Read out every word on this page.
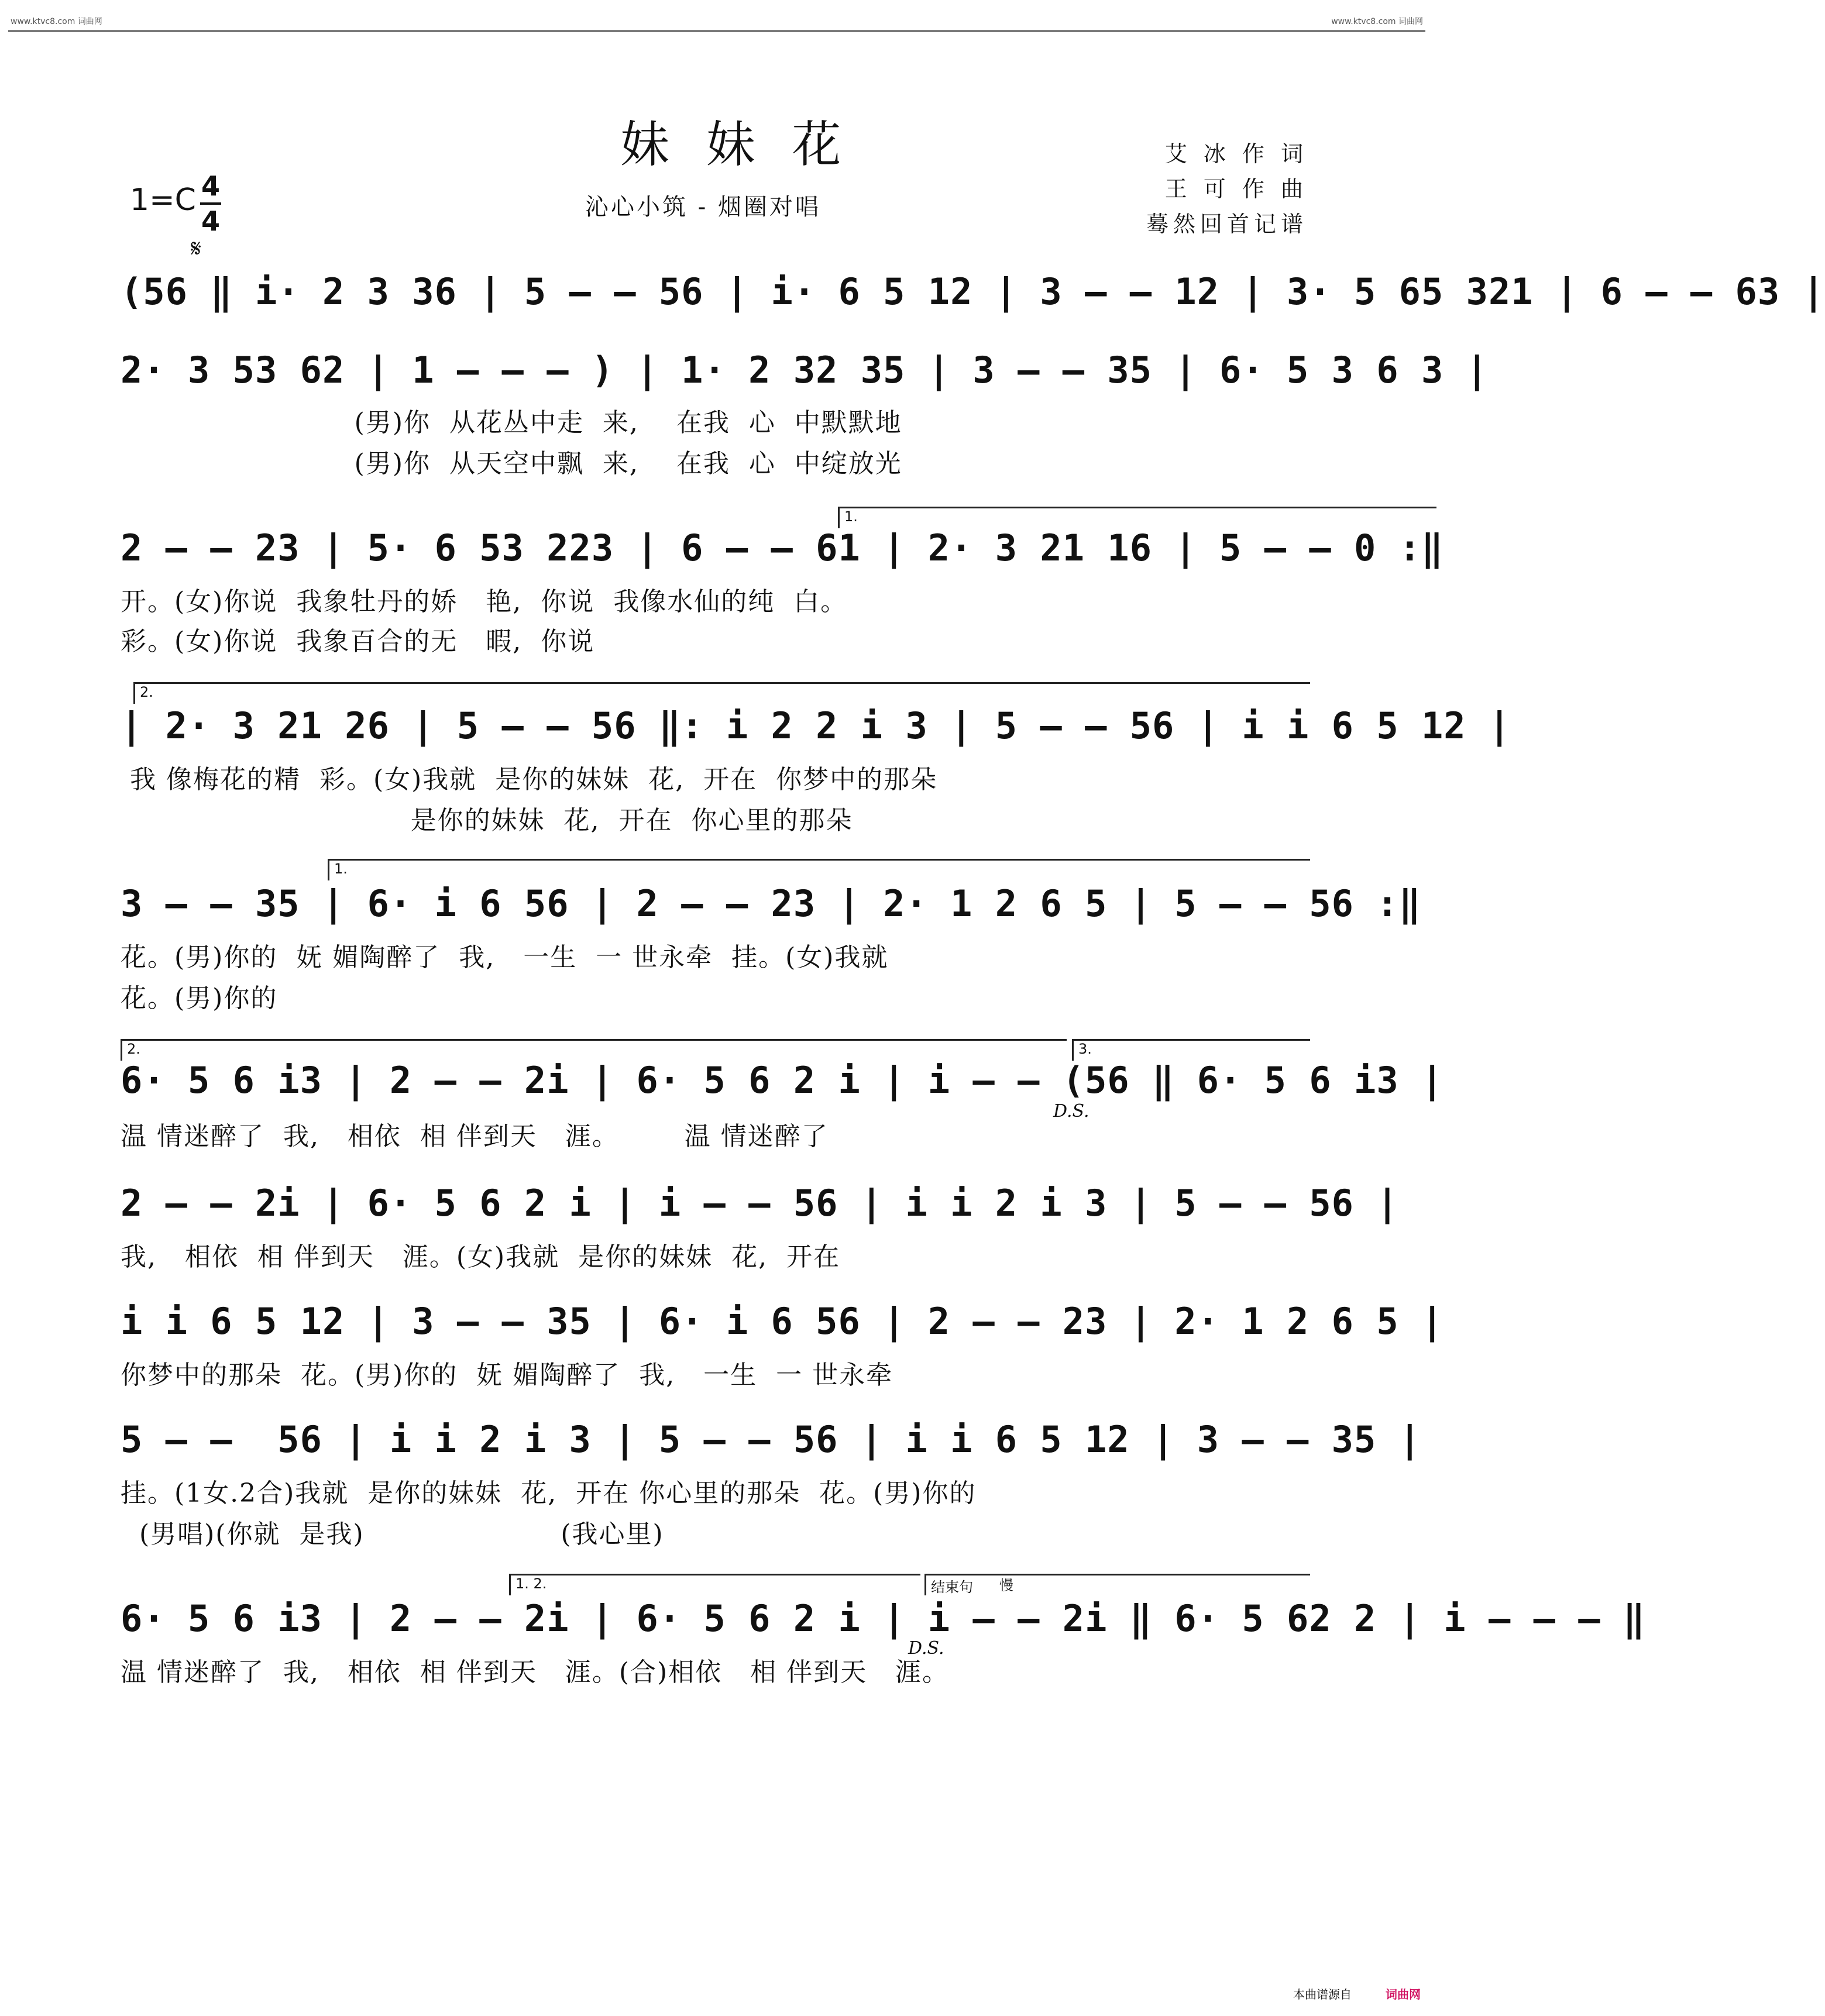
www.ktvc8.com 词曲网	www.ktvc8.com 词曲网
妹 妹 花
沁心小筑 - 烟圈对唱
艾 冰 作 词
王 可 作 曲
蓦然回首记谱
1=C 4
4
𝄋
(56 ‖ i· 2 3 36 | 5 – – 56 | i· 6 5 12 | 3 – – 12 | 3· 5 65 321 | 6 – – 63 |
2· 3 53 62 | 1 – – – ) | 1· 2 32 35 | 3 – – 35 | 6· 5 3 6 3 |
(男)你  从花丛中走  来,    在我  心  中默默地
(男)你  从天空中飘  来,    在我  心  中绽放光
1.
2 – – 23 | 5· 6 53 223 | 6 – – 61 | 2· 3 21 16 | 5 – – 0 :‖
开。(女)你说  我象牡丹的娇   艳,  你说  我像水仙的纯  白。
彩。(女)你说  我象百合的无   暇,  你说
2.
| 2· 3 21 26 | 5 – – 56 ‖: i 2 2 i 3 | 5 – – 56 | i i 6 5 12 |
我 像梅花的精  彩。(女)我就  是你的妹妹  花,  开在  你梦中的那朵
是你的妹妹  花,  开在  你心里的那朵
1.
3 – – 35 | 6· i 6 56 | 2 – – 23 | 2· 1 2 6 5 | 5 – – 56 :‖
花。(男)你的  妩 媚陶醉了  我,   一生  一 世永牵  挂。(女)我就
花。(男)你的
2.	3.
6· 5 6 i3 | 2 – – 2i | 6· 5 6 2 i | i – – (56 ‖ 6· 5 6 i3 |
D.S.
温 情迷醉了  我,   相依  相 伴到天   涯。       温 情迷醉了
2 – – 2i | 6· 5 6 2 i | i – – 56 | i i 2 i 3 | 5 – – 56 |
我,   相依  相 伴到天   涯。(女)我就  是你的妹妹  花,  开在
i i 6 5 12 | 3 – – 35 | 6· i 6 56 | 2 – – 23 | 2· 1 2 6 5 |
你梦中的那朵  花。(男)你的  妩 媚陶醉了  我,   一生  一 世永牵
5 – –  56 | i i 2 i 3 | 5 – – 56 | i i 6 5 12 | 3 – – 35 |
挂。(1女.2合)我就  是你的妹妹  花,  开在 你心里的那朵  花。(男)你的
(男唱)(你就  是我)                     (我心里)
1. 2.	结束句	慢
6· 5 6 i3 | 2 – – 2i | 6· 5 6 2 i | i – – 2i ‖ 6· 5 62 2 | i – – – ‖
D.S.
温 情迷醉了  我,   相依  相 伴到天   涯。(合)相依   相 伴到天   涯。
本曲谱源自	词曲网
